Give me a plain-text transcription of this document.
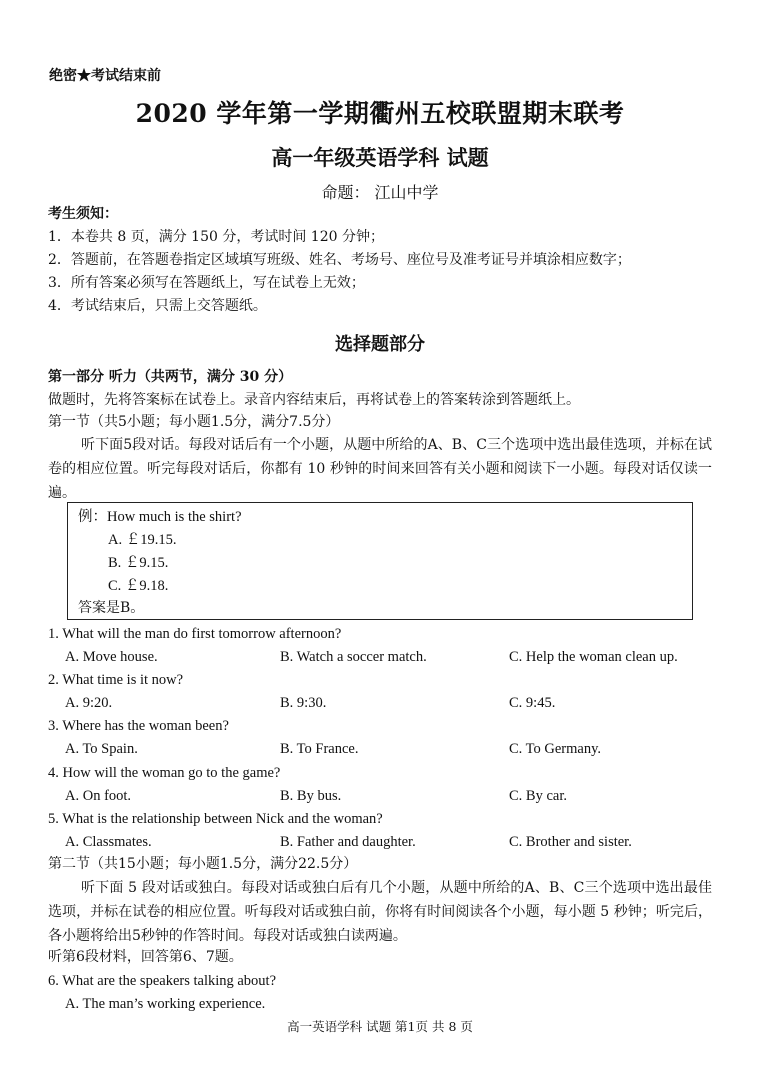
绝密★考试结束前
2020 学年第一学期衢州五校联盟期末联考
高一年级英语学科 试题
命题： 江山中学
考生须知：
1．本卷共 8 页，满分 150 分，考试时间 120 分钟；
2．答题前，在答题卷指定区域填写班级、姓名、考场号、座位号及准考证号并填涂相应数字；
3．所有答案必须写在答题纸上，写在试卷上无效；
4．考试结束后，只需上交答题纸。
选择题部分
第一部分 听力（共两节，满分 30 分）
做题时，先将答案标在试卷上。录音内容结束后，再将试卷上的答案转涂到答题纸上。
第一节（共5小题；每小题1.5分，满分7.5分）
听下面5段对话。每段对话后有一个小题，从题中所给的A、B、C三个选项中选出最佳选项，并标在试卷的相应位置。听完每段对话后，你都有 10 秒钟的时间来回答有关小题和阅读下一小题。每段对话仅读一遍。
例：How much is the shirt?
A. ￡19.15.
B. ￡9.15.
C. ￡9.18.
答案是B。
1. What will the man do first tomorrow afternoon?
A. Move house.	B. Watch a soccer match.	C. Help the woman clean up.
2. What time is it now?
A. 9:20.	B. 9:30.	C. 9:45.
3. Where has the woman been?
A. To Spain.	B. To France.	C. To Germany.
4. How will the woman go to the game?
A. On foot.	B. By bus.	C. By car.
5. What is the relationship between Nick and the woman?
A. Classmates.	B. Father and daughter.	C. Brother and sister.
第二节（共15小题；每小题1.5分，满分22.5分）
听下面 5 段对话或独白。每段对话或独白后有几个小题，从题中所给的A、B、C三个选项中选出最佳选项，并标在试卷的相应位置。听每段对话或独白前，你将有时间阅读各个小题，每小题 5 秒钟；听完后，各小题将给出5秒钟的作答时间。每段对话或独白读两遍。
听第6段材料，回答第6、7题。
6. What are the speakers talking about?
A. The man’s working experience.
高一英语学科 试题 第1页 共 8 页
